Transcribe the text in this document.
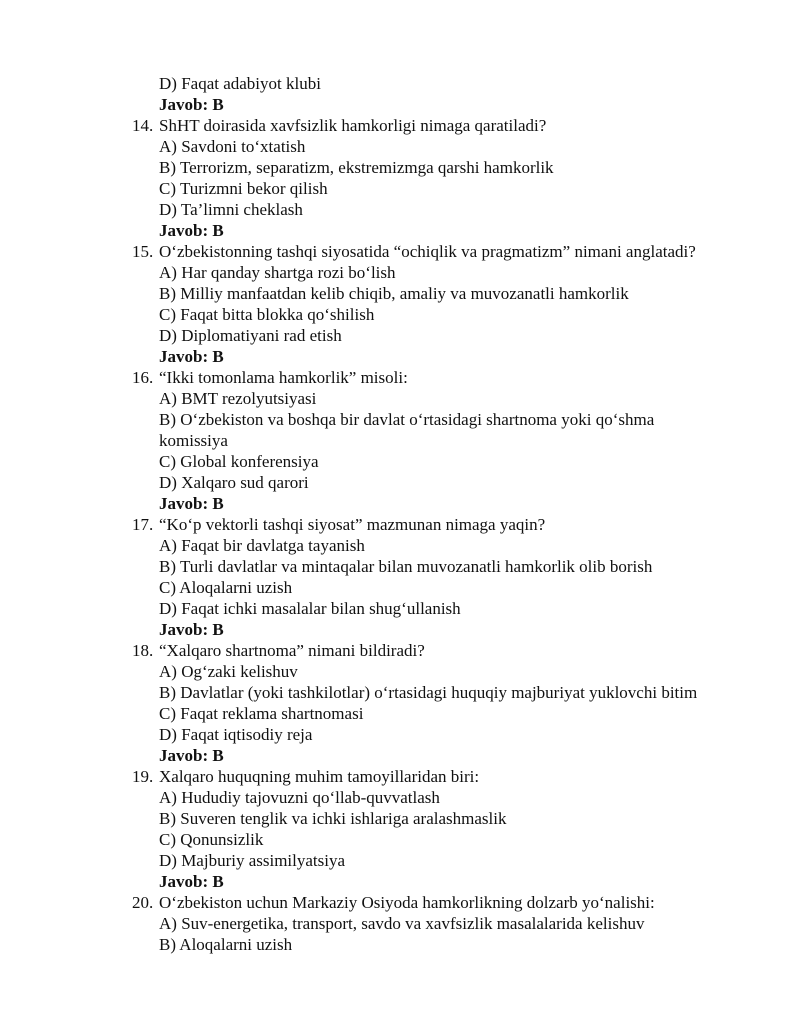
D) Faqat adabiyot klubi
Javob: B
14. ShHT doirasida xavfsizlik hamkorligi nimaga qaratiladi?
A) Savdoni to‘xtatish
B) Terrorizm, separatizm, ekstremizmga qarshi hamkorlik
C) Turizmni bekor qilish
D) Ta’limni cheklash
Javob: B
15. O‘zbekistonning tashqi siyosatida “ochiqlik va pragmatizm” nimani anglatadi?
A) Har qanday shartga rozi bo‘lish
B) Milliy manfaatdan kelib chiqib, amaliy va muvozanatli hamkorlik
C) Faqat bitta blokka qo‘shilish
D) Diplomatiyani rad etish
Javob: B
16. “Ikki tomonlama hamkorlik” misoli:
A) BMT rezolyutsiyasi
B) O‘zbekiston va boshqa bir davlat o‘rtasidagi shartnoma yoki qo‘shma
komissiya
C) Global konferensiya
D) Xalqaro sud qarori
Javob: B
17. “Ko‘p vektorli tashqi siyosat” mazmunan nimaga yaqin?
A) Faqat bir davlatga tayanish
B) Turli davlatlar va mintaqalar bilan muvozanatli hamkorlik olib borish
C) Aloqalarni uzish
D) Faqat ichki masalalar bilan shug‘ullanish
Javob: B
18. “Xalqaro shartnoma” nimani bildiradi?
A) Og‘zaki kelishuv
B) Davlatlar (yoki tashkilotlar) o‘rtasidagi huquqiy majburiyat yuklovchi bitim
C) Faqat reklama shartnomasi
D) Faqat iqtisodiy reja
Javob: B
19. Xalqaro huquqning muhim tamoyillaridan biri:
A) Hududiy tajovuzni qo‘llab-quvvatlash
B) Suveren tenglik va ichki ishlariga aralashmaslik
C) Qonunsizlik
D) Majburiy assimilyatsiya
Javob: B
20. O‘zbekiston uchun Markaziy Osiyoda hamkorlikning dolzarb yo‘nalishi:
A) Suv-energetika, transport, savdo va xavfsizlik masalalarida kelishuv
B) Aloqalarni uzish
